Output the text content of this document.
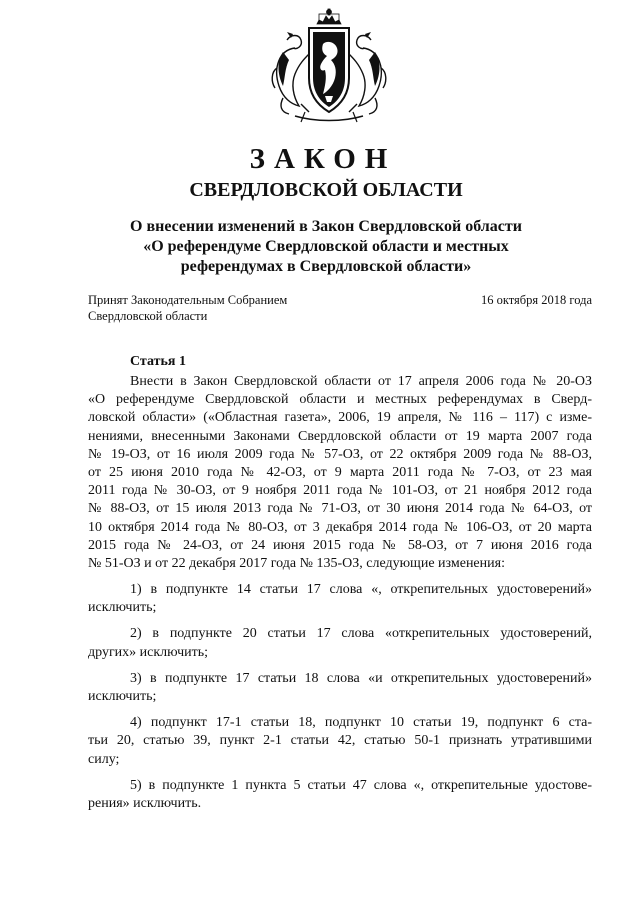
ЗАКОН
СВЕРДЛОВСКОЙ ОБЛАСТИ
О внесении изменений в Закон Свердловской области
«О референдуме Свердловской области и местных
референдумах в Свердловской области»
Принят Законодательным Собранием
Свердловской области
16 октября 2018 года
Статья 1
Внести в Закон Свердловской области от 17 апреля 2006 года № 20-ОЗ
«О референдуме Свердловской области и местных референдумах в Сверд-
ловской области» («Областная газета», 2006, 19 апреля, № 116 – 117) с изме-
нениями, внесенными Законами Свердловской области от 19 марта 2007 года
№ 19-ОЗ, от 16 июля 2009 года № 57-ОЗ, от 22 октября 2009 года № 88-ОЗ,
от 25 июня 2010 года № 42-ОЗ, от 9 марта 2011 года № 7-ОЗ, от 23 мая
2011 года № 30-ОЗ, от 9 ноября 2011 года № 101-ОЗ, от 21 ноября 2012 года
№ 88-ОЗ, от 15 июля 2013 года № 71-ОЗ, от 30 июня 2014 года № 64-ОЗ, от
10 октября 2014 года № 80-ОЗ, от 3 декабря 2014 года № 106-ОЗ, от 20 марта
2015 года № 24-ОЗ, от 24 июня 2015 года № 58-ОЗ, от 7 июня 2016 года
№ 51-ОЗ и от 22 декабря 2017 года № 135-ОЗ, следующие изменения:
1) в подпункте 14 статьи 17 слова «, открепительных удостоверений»
исключить;
2) в подпункте 20 статьи 17 слова «открепительных удостоверений,
других» исключить;
3) в подпункте 17 статьи 18 слова «и открепительных удостоверений»
исключить;
4) подпункт 17-1 статьи 18, подпункт 10 статьи 19, подпункт 6 ста-
тьи 20, статью 39, пункт 2-1 статьи 42, статью 50-1 признать утратившими
силу;
5) в подпункте 1 пункта 5 статьи 47 слова «, открепительные удостове-
рения» исключить.
